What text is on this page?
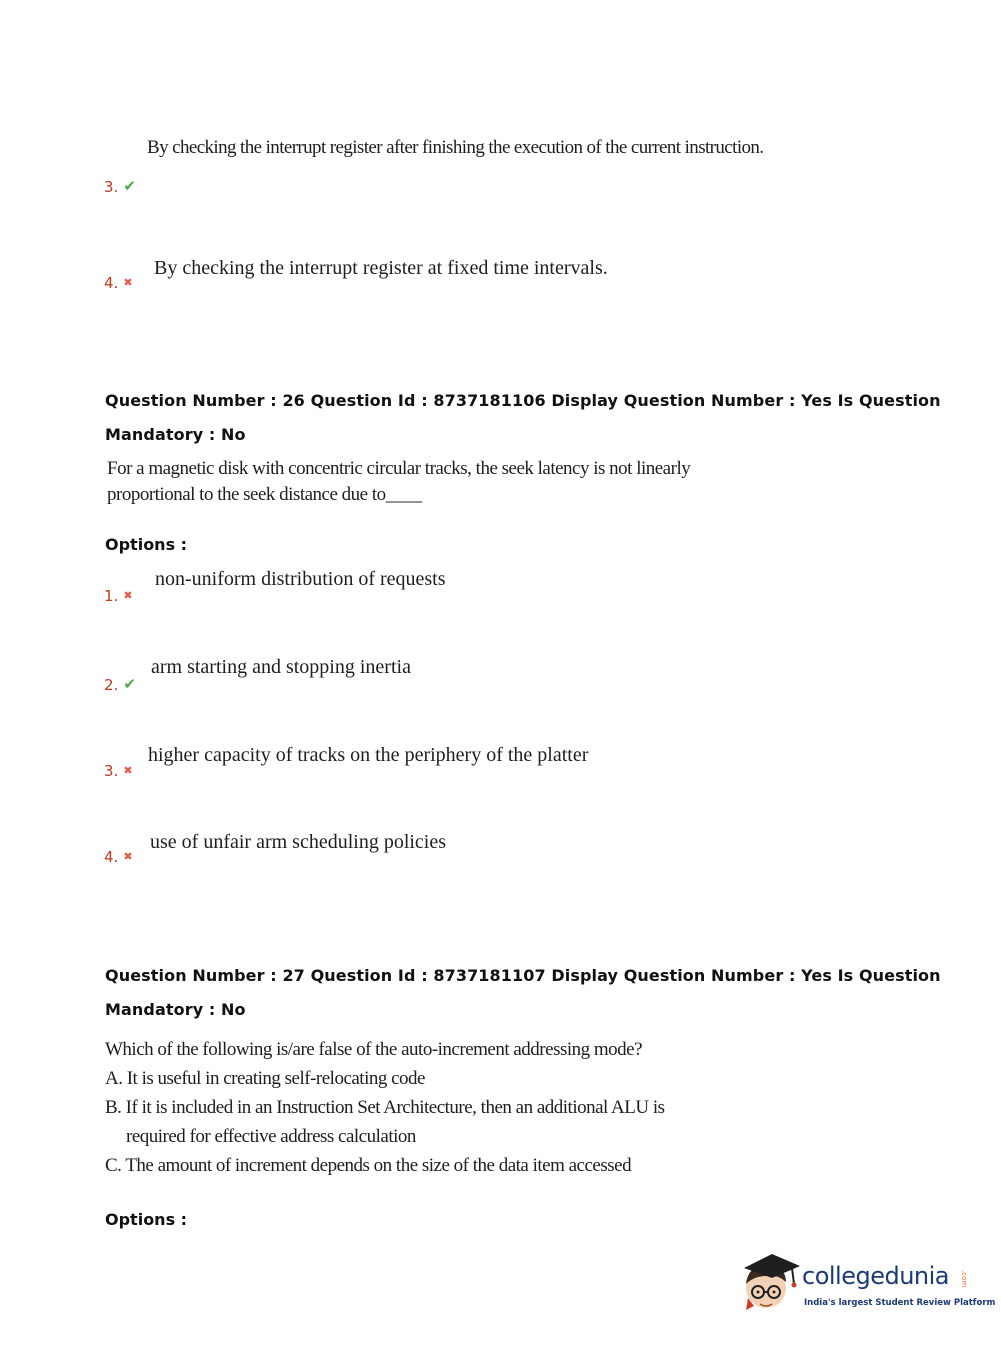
By checking the interrupt register after finishing the execution of the current instruction.
3. ✔
By checking the interrupt register at fixed time intervals.
4. ✖
Question Number : 26 Question Id : 8737181106 Display Question Number : Yes Is Question
Mandatory : No
For a magnetic disk with concentric circular tracks, the seek latency is not linearly
proportional to the seek distance due to____
Options :
non-uniform distribution of requests
1. ✖
arm starting and stopping inertia
2. ✔
higher capacity of tracks on the periphery of the platter
3. ✖
use of unfair arm scheduling policies
4. ✖
Question Number : 27 Question Id : 8737181107 Display Question Number : Yes Is Question
Mandatory : No
Which of the following is/are false of the auto-increment addressing mode?
A. It is useful in creating self-relocating code
B. If it is included in an Instruction Set Architecture, then an additional ALU is
required for effective address calculation
C. The amount of increment depends on the size of the data item accessed
Options :
collegedunia .com
India's largest Student Review Platform
